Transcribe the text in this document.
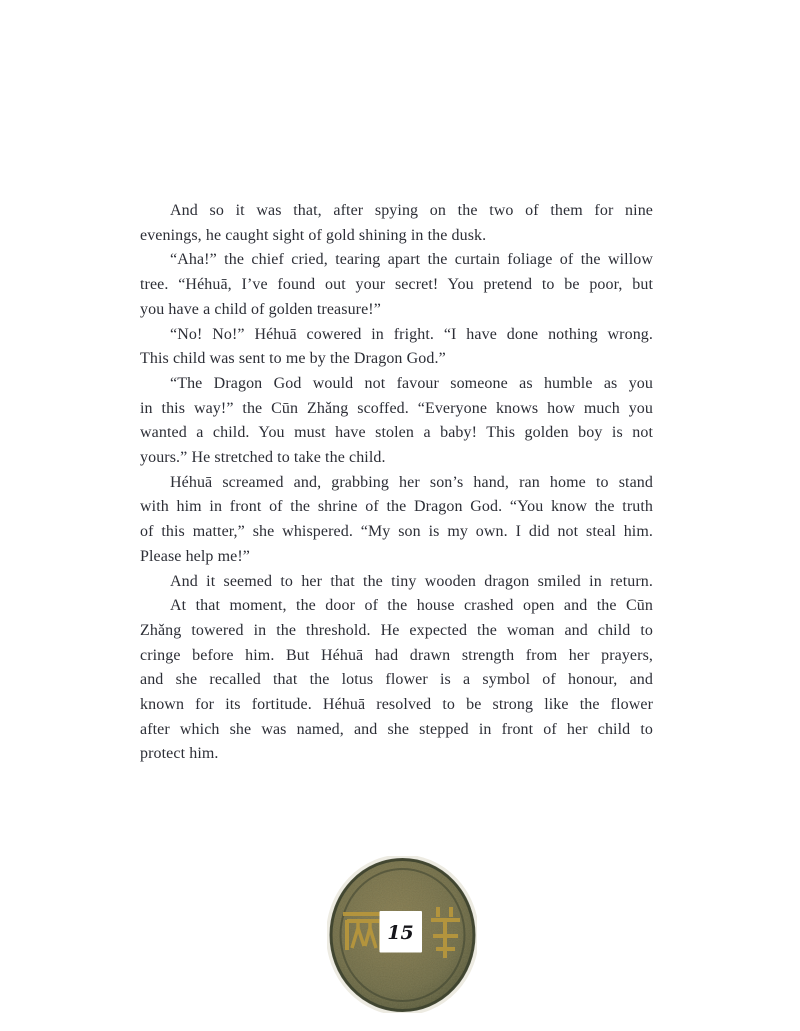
And so it was that, after spying on the two of them for nine
evenings, he caught sight of gold shining in the dusk.
“Aha!” the chief cried, tearing apart the curtain foliage of the willow
tree. “Héhuā, I’ve found out your secret! You pretend to be poor, but
you have a child of golden treasure!”
“No! No!” Héhuā cowered in fright. “I have done nothing wrong.
This child was sent to me by the Dragon God.”
“The Dragon God would not favour someone as humble as you
in this way!” the Cūn Zhǎng scoffed. “Everyone knows how much you
wanted a child. You must have stolen a baby! This golden boy is not
yours.” He stretched to take the child.
Héhuā screamed and, grabbing her son’s hand, ran home to stand
with him in front of the shrine of the Dragon God. “You know the truth
of this matter,” she whispered. “My son is my own. I did not steal him.
Please help me!”
And it seemed to her that the tiny wooden dragon smiled in return.
At that moment, the door of the house crashed open and the Cūn
Zhǎng towered in the threshold. He expected the woman and child to
cringe before him. But Héhuā had drawn strength from her prayers,
and she recalled that the lotus flower is a symbol of honour, and
known for its fortitude. Héhuā resolved to be strong like the flower
after which she was named, and she stepped in front of her child to
protect him.
15
